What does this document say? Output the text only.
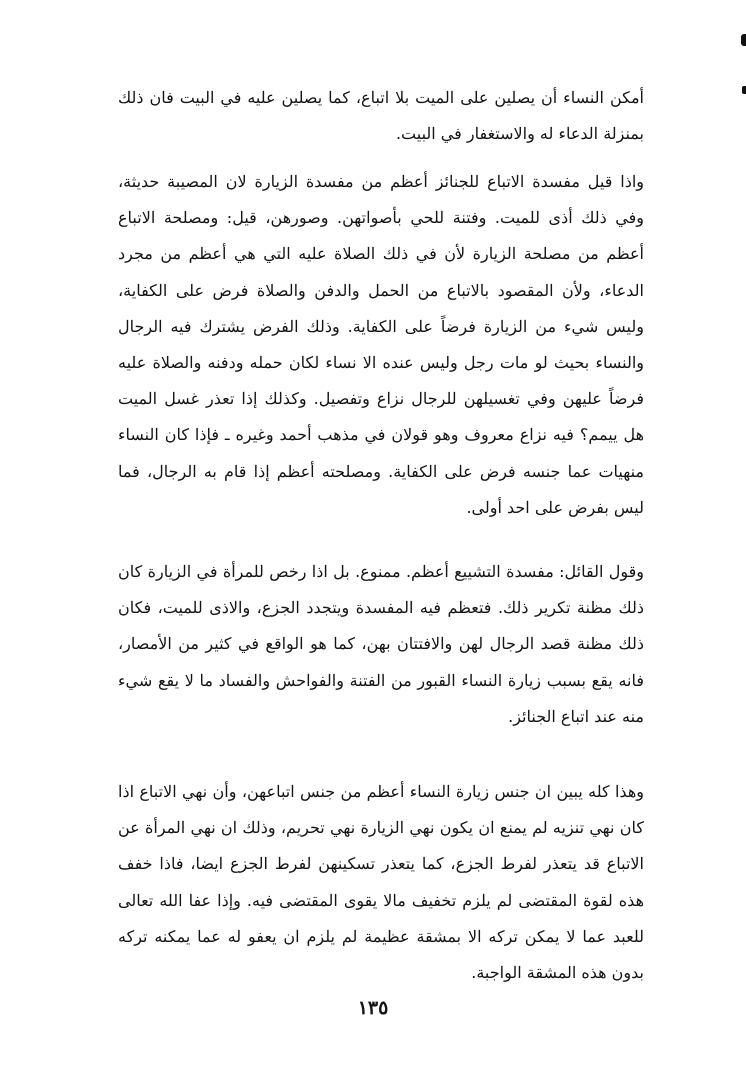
أمكن النساء أن يصلين على الميت بلا اتباع، كما يصلين عليه في البيت فان ذلك بمنزلة الدعاء له والاستغفار في البيت.

واذا قيل مفسدة الاتباع للجنائز أعظم من مفسدة الزيارة لان المصيبة حديثة، وفي ذلك أذى للميت. وفتنة للحي بأصواتهن. وصورهن، قيل: ومصلحة الاتباع أعظم من مصلحة الزيارة لأن في ذلك الصلاة عليه التي هي أعظم من مجرد الدعاء، ولأن المقصود بالاتباع من الحمل والدفن والصلاة فرض على الكفاية، وليس شيء من الزيارة فرضاً على الكفاية. وذلك الفرض يشترك فيه الرجال والنساء بحيث لو مات رجل وليس عنده الا نساء لكان حمله ودفنه والصلاة عليه فرضاً عليهن وفي تغسيلهن للرجال نزاع وتفصيل. وكذلك إذا تعذر غسل الميت هل ييمم؟ فيه نزاع معروف وهو قولان في مذهب أحمد وغيره ـ فإذا كان النساء منهيات عما جنسه فرض على الكفاية. ومصلحته أعظم إذا قام به الرجال، فما ليس بفرض على احد أولى.

وقول القائل: مفسدة التشييع أعظم. ممنوع. بل اذا رخص للمرأة في الزيارة كان ذلك مظنة تكرير ذلك. فتعظم فيه المفسدة ويتجدد الجزع، والاذى للميت، فكان ذلك مظنة قصد الرجال لهن والافتتان بهن، كما هو الواقع في كثير من الأمصار، فانه يقع بسبب زيارة النساء القبور من الفتنة والفواحش والفساد ما لا يقع شيء منه عند اتباع الجنائز.

وهذا كله يبين ان جنس زيارة النساء أعظم من جنس اتباعهن، وأن نهي الاتباع اذا كان نهي تنزيه لم يمنع ان يكون نهي الزيارة نهي تحريم، وذلك ان نهي المرأة عن الاتباع قد يتعذر لفرط الجزع، كما يتعذر تسكينهن لفرط الجزع ايضا، فاذا خفف هذه لقوة المقتضى لم يلزم تخفيف مالا يقوى المقتضى فيه. وإذا عفا الله تعالى للعبد عما لا يمكن تركه الا بمشقة عظيمة لم يلزم ان يعفو له عما يمكنه تركه بدون هذه المشقة الواجبة.

١٣٥
